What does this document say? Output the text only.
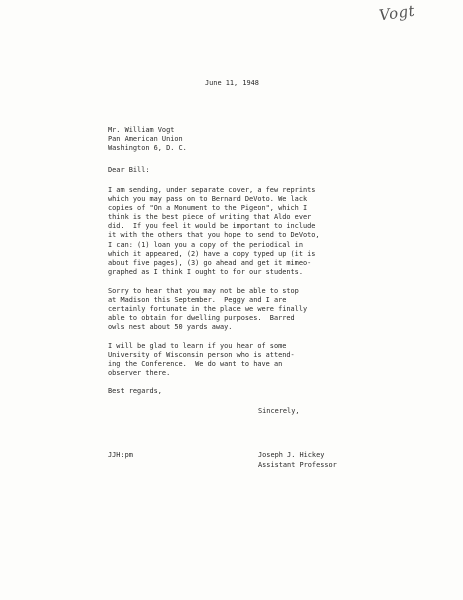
Vogt
June 11, 1948
Mr. William Vogt
Pan American Union
Washington 6, D. C.
Dear Bill:
I am sending, under separate cover, a few reprints
which you may pass on to Bernard DeVoto. We lack
copies of "On a Monument to the Pigeon", which I
think is the best piece of writing that Aldo ever
did.  If you feel it would be important to include
it with the others that you hope to send to DeVoto,
I can: (1) loan you a copy of the periodical in
which it appeared, (2) have a copy typed up (it is
about five pages), (3) go ahead and get it mimeo-
graphed as I think I ought to for our students.
Sorry to hear that you may not be able to stop
at Madison this September.  Peggy and I are
certainly fortunate in the place we were finally
able to obtain for dwelling purposes.  Barred
owls nest about 50 yards away.
I will be glad to learn if you hear of some
University of Wisconsin person who is attend-
ing the Conference.  We do want to have an
observer there.
Best regards,
Sincerely,
JJH:pm	Joseph J. Hickey
Assistant Professor
